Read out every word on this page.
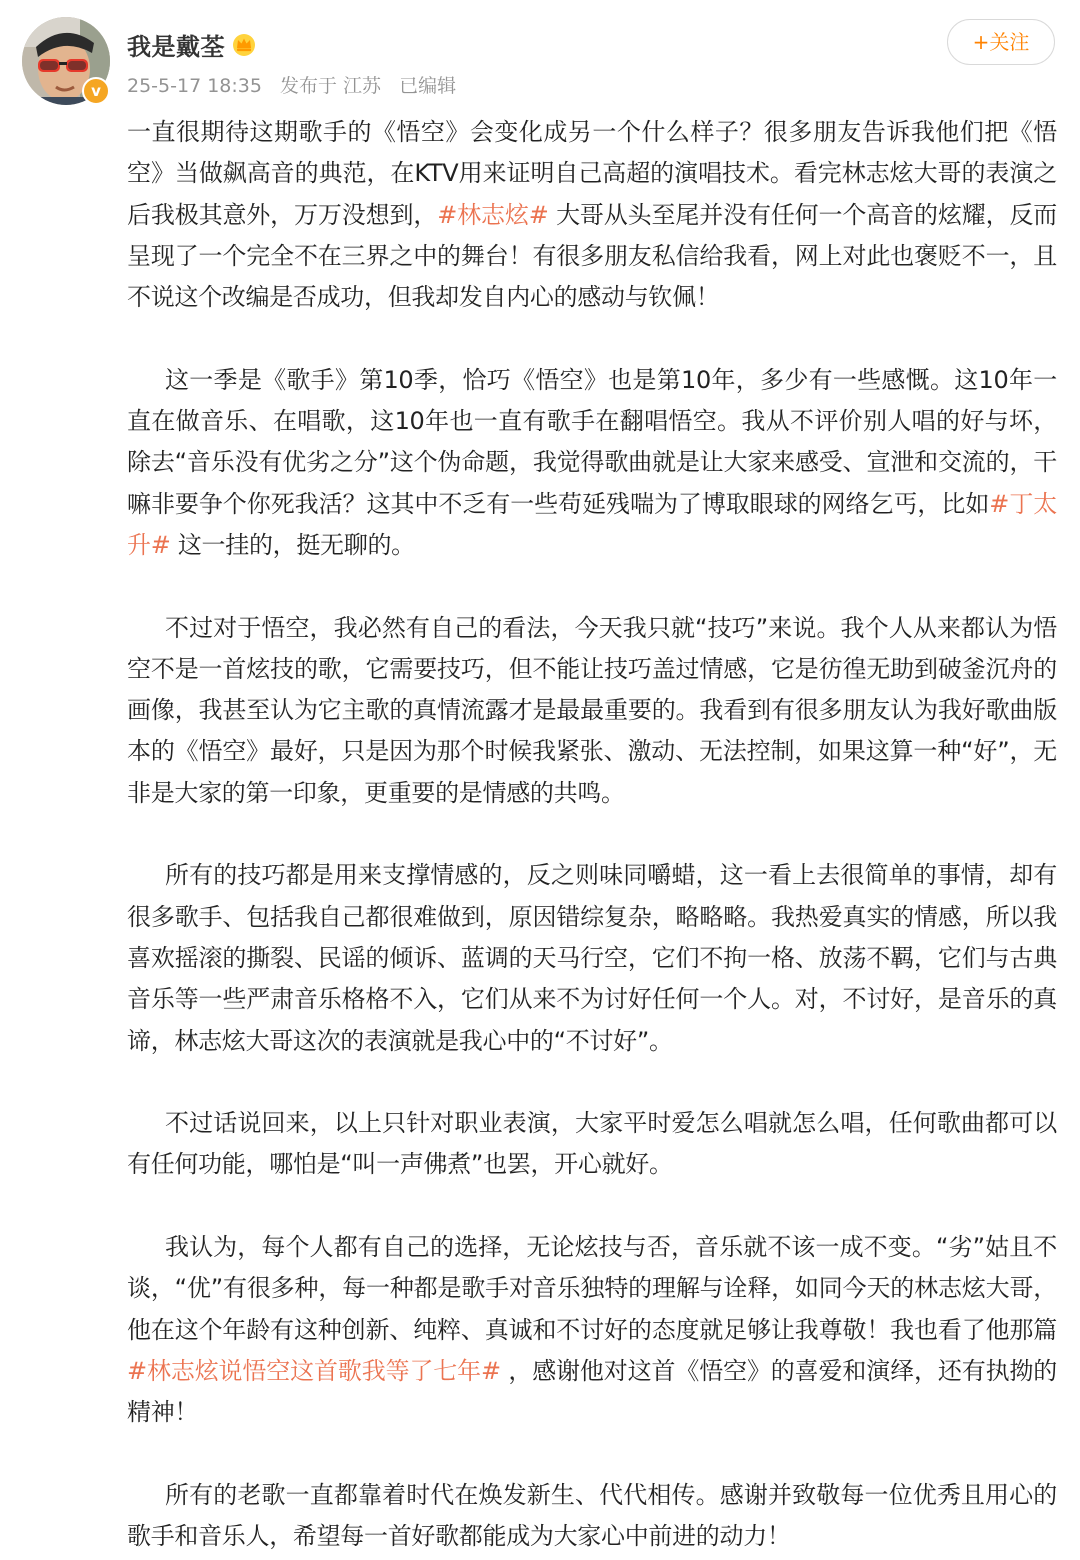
v
我是戴荃
25-5-17 18:35 发布于 江苏 已编辑
+关注

一直很期待这期歌手的《悟空》会变化成另一个什么样子？很多朋友告诉我他们把《悟空》当做飙高音的典范，在KTV用来证明自己高超的演唱技术。看完林志炫大哥的表演之后我极其意外，万万没想到，#林志炫# 大哥从头至尾并没有任何一个高音的炫耀，反而呈现了一个完全不在三界之中的舞台！有很多朋友私信给我看，网上对此也褒贬不一，且不说这个改编是否成功，但我却发自内心的感动与钦佩！

这一季是《歌手》第10季，恰巧《悟空》也是第10年，多少有一些感慨。这10年一直在做音乐、在唱歌，这10年也一直有歌手在翻唱悟空。我从不评价别人唱的好与坏，除去“音乐没有优劣之分”这个伪命题，我觉得歌曲就是让大家来感受、宣泄和交流的，干嘛非要争个你死我活？这其中不乏有一些苟延残喘为了博取眼球的网络乞丐，比如#丁太升# 这一挂的，挺无聊的。

不过对于悟空，我必然有自己的看法，今天我只就“技巧”来说。我个人从来都认为悟空不是一首炫技的歌，它需要技巧，但不能让技巧盖过情感，它是彷徨无助到破釜沉舟的画像，我甚至认为它主歌的真情流露才是最最重要的。我看到有很多朋友认为我好歌曲版本的《悟空》最好，只是因为那个时候我紧张、激动、无法控制，如果这算一种“好”，无非是大家的第一印象，更重要的是情感的共鸣。

所有的技巧都是用来支撑情感的，反之则味同嚼蜡，这一看上去很简单的事情，却有很多歌手、包括我自己都很难做到，原因错综复杂，略略略。我热爱真实的情感，所以我喜欢摇滚的撕裂、民谣的倾诉、蓝调的天马行空，它们不拘一格、放荡不羁，它们与古典音乐等一些严肃音乐格格不入，它们从来不为讨好任何一个人。对，不讨好，是音乐的真谛，林志炫大哥这次的表演就是我心中的“不讨好”。

不过话说回来，以上只针对职业表演，大家平时爱怎么唱就怎么唱，任何歌曲都可以有任何功能，哪怕是“叫一声佛煮”也罢，开心就好。

我认为，每个人都有自己的选择，无论炫技与否，音乐就不该一成不变。“劣”姑且不谈，“优”有很多种，每一种都是歌手对音乐独特的理解与诠释，如同今天的林志炫大哥，他在这个年龄有这种创新、纯粹、真诚和不讨好的态度就足够让我尊敬！我也看了他那篇#林志炫说悟空这首歌我等了七年# ，感谢他对这首《悟空》的喜爱和演绎，还有执拗的精神！

所有的老歌一直都靠着时代在焕发新生、代代相传。感谢并致敬每一位优秀且用心的歌手和音乐人，希望每一首好歌都能成为大家心中前进的动力！
